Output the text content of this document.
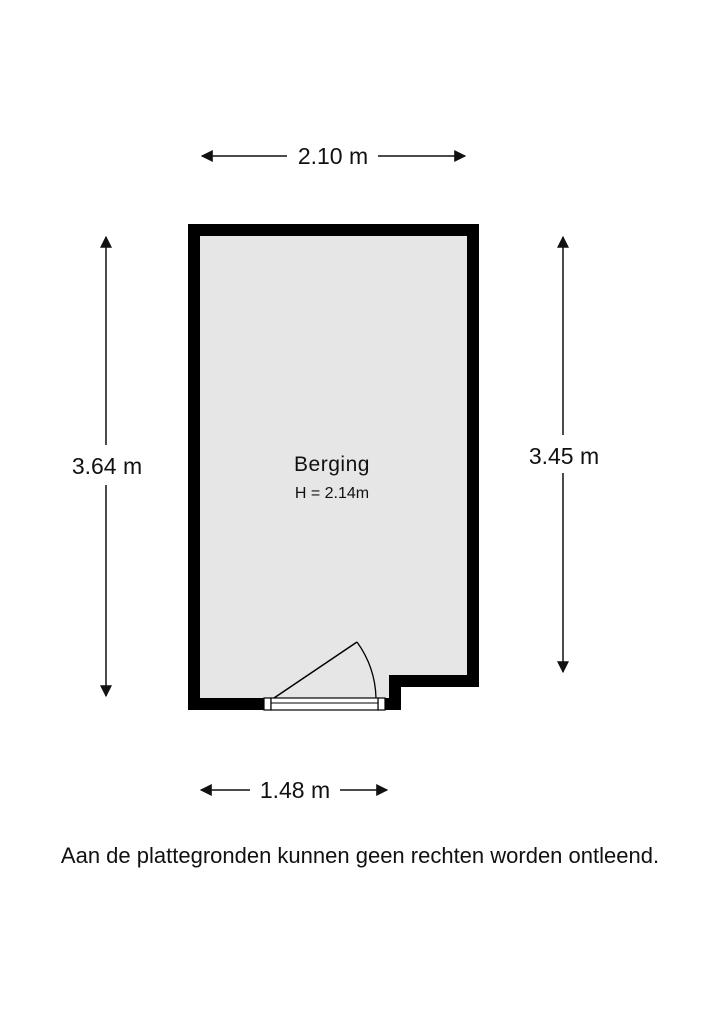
Berging
H = 2.14m
2.10 m
3.64 m	3.45 m
1.48 m
Aan de plattegronden kunnen geen rechten worden ontleend.
